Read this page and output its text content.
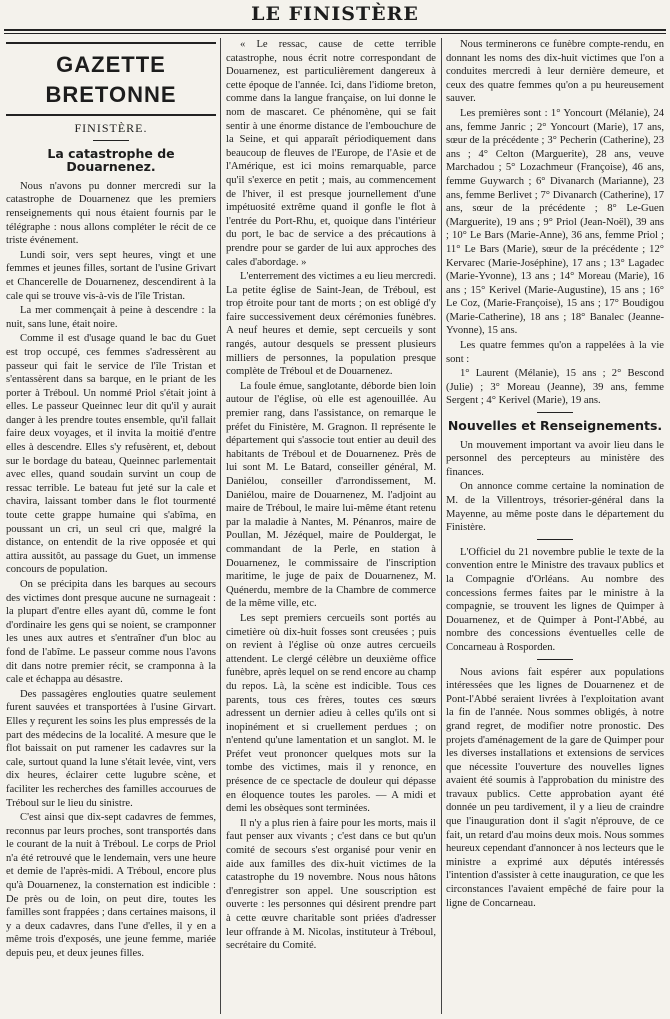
LE FINISTÈRE
GAZETTE BRETONNE
FINISTÈRE.
La catastrophe de Douarnenez.

Nous n'avons pu donner mercredi sur la catastrophe de Douarnenez que les premiers renseignements qui nous étaient fournis par le télégraphe : nous allons compléter le récit de ce triste événement.

Lundi soir, vers sept heures, vingt et une femmes et jeunes filles, sortant de l'usine Grivart et Chancerelle de Douarnenez, descendirent à la cale qui se trouve vis-à-vis de l'île Tristan.

La mer commençait à peine à descendre : la nuit, sans lune, était noire.

Comme il est d'usage quand le bac du Guet est trop occupé, ces femmes s'adressèrent au passeur qui fait le service de l'île Tristan et s'entassèrent dans sa barque, en le priant de les porter à Tréboul. Un nommé Priol s'était joint à elles. Le passeur Queinnec leur dit qu'il y aurait danger à les prendre toutes ensemble, qu'il fallait faire deux voyages, et il invita la moitié d'entre elles à descendre. Elles s'y refusèrent, et, debout sur le bordage du bateau, Queinnec parlementait avec elles, quand soudain survint un coup de ressac terrible. Le bateau fut jeté sur la cale et chavira, laissant tomber dans le flot tourmenté toute cette grappe humaine qui s'abîma, en poussant un cri, un seul cri que, malgré la distance, on entendit de la rive opposée et qui attira aussitôt, au passage du Guet, un immense concours de population.

On se précipita dans les barques au secours des victimes dont presque aucune ne surnageait : la plupart d'entre elles ayant dû, comme le font d'ordinaire les gens qui se noient, se cramponner les unes aux autres et s'entraîner d'un bloc au fond de l'abîme. Le passeur comme nous l'avons dit dans notre premier récit, se cramponna à la cale et échappa au désastre.

Des passagères englouties quatre seulement furent sauvées et transportées à l'usine Girvart. Elles y reçurent les soins les plus empressés de la part des médecins de la localité. A mesure que le flot baissait on put ramener les cadavres sur la cale, surtout quand la lune s'était levée, vint, vers dix heures, éclairer cette lugubre scène, et faciliter les recherches des familles accourues de Tréboul sur le lieu du sinistre.

C'est ainsi que dix-sept cadavres de femmes, reconnus par leurs proches, sont transportés dans le courant de la nuit à Tréboul. Le corps de Priol n'a été retrouvé que le lendemain, vers une heure et demie de l'après-midi. A Tréboul, encore plus qu'à Douarnenez, la consternation est indicible : De près ou de loin, on peut dire, toutes les familles sont frappées ; dans certaines maisons, il y a deux cadavres, dans l'une d'elles, il y en a même trois d'exposés, une jeune femme, mariée depuis peu, et deux jeunes filles.

« Le ressac, cause de cette terrible catastrophe, nous écrit notre correspondant de Douarnenez, est particulièrement dangereux à cette époque de l'année. Ici, dans l'idiome breton, comme dans la langue française, on lui donne le nom de mascaret. Ce phénomène, qui se fait sentir à une énorme distance de l'embouchure de la Seine, et qui apparaît périodiquement dans beaucoup de fleuves de l'Europe, de l'Asie et de l'Amérique, est ici moins remarquable, parce qu'il s'exerce en petit ; mais, au commencement de l'hiver, il est presque journellement d'une impétuosité extrême quand il gonfle le flot à l'entrée du Port-Rhu, et, quoique dans l'intérieur du port, le bac de service a des précautions à prendre pour se garder de lui aux approches des cales d'abordage. »

L'enterrement des victimes a eu lieu mercredi. La petite église de Saint-Jean, de Tréboul, est trop étroite pour tant de morts ; on est obligé d'y faire successivement deux cérémonies funèbres. A neuf heures et demie, sept cercueils y sont rangés, autour desquels se pressent plusieurs milliers de personnes, la population presque complète de Tréboul et de Douarnenez.

La foule émue, sanglotante, déborde bien loin autour de l'église, où elle est agenouillée. Au premier rang, dans l'assistance, on remarque le préfet du Finistère, M. Gragnon. Il représente le département qui s'associe tout entier au deuil des habitants de Tréboul et de Douarnenez. Près de lui sont M. Le Batard, conseiller général, M. Daniélou, conseiller d'arrondissement, M. Daniélou, maire de Douarnenez, M. l'adjoint au maire de Tréboul, le maire lui-même étant retenu par la maladie à Nantes, M. Pénanros, maire de Poullan, M. Jézéquel, maire de Pouldergat, le commandant de la Perle, en station à Douarnenez, le commissaire de l'inscription maritime, le juge de paix de Douarnenez, M. Quénerdu, membre de la Chambre de commerce de la même ville, etc.

Les sept premiers cercueils sont portés au cimetière où dix-huit fosses sont creusées ; puis on revient à l'église où onze autres cercueils attendent. Le clergé célèbre un deuxième office funèbre, après lequel on se rend encore au champ du repos. Là, la scène est indicible. Tous ces parents, tous ces frères, toutes ces sœurs adressent un dernier adieu à celles qu'ils ont si inopinément et si cruellement perdues ; on n'entend qu'une lamentation et un sanglot. M. le Préfet veut prononcer quelques mots sur la tombe des victimes, mais il y renonce, en présence de ce spectacle de douleur qui dépasse en éloquence toutes les paroles. — A midi et demi les obsèques sont terminées.

Il n'y a plus rien à faire pour les morts, mais il faut penser aux vivants ; c'est dans ce but qu'un comité de secours s'est organisé pour venir en aide aux familles des dix-huit victimes de la catastrophe du 19 novembre. Nous nous hâtons d'enregistrer son appel. Une souscription est ouverte : les personnes qui désirent prendre part à cette œuvre charitable sont priées d'adresser leur offrande à M. Nicolas, instituteur à Tréboul, secrétaire du Comité.

Nous terminerons ce funèbre compte-rendu, en donnant les noms des dix-huit victimes que l'on a conduites mercredi à leur dernière demeure, et ceux des quatre femmes qu'on a pu heureusement sauver.

Les premières sont : 1° Yoncourt (Mélanie), 24 ans, femme Janric ; 2° Yoncourt (Marie), 17 ans, sœur de la précédente ; 3° Pecherin (Catherine), 23 ans ; 4° Celton (Marguerite), 28 ans, veuve Marchadou ; 5° Lozachmeur (Françoise), 46 ans, femme Guywarch ; 6° Divanarch (Marianne), 23 ans, femme Berlivet ; 7° Divanarch (Catherine), 17 ans, sœur de la précédente ; 8° Le-Guen (Marguerite), 19 ans ; 9° Priol (Jean-Noël), 39 ans ; 10° Le Bars (Marie-Anne), 36 ans, femme Priol ; 11° Le Bars (Marie), sœur de la précédente ; 12° Kervarec (Marie-Joséphine), 17 ans ; 13° Lagadec (Marie-Yvonne), 13 ans ; 14° Moreau (Marie), 16 ans ; 15° Kerivel (Marie-Augustine), 15 ans ; 16° Le Coz, (Marie-Françoise), 15 ans ; 17° Boudigou (Marie-Catherine), 18 ans ; 18° Banalec (Jeanne-Yvonne), 15 ans.

Les quatre femmes qu'on a rappelées à la vie sont :

1° Laurent (Mélanie), 15 ans ; 2° Bescond (Julie) ; 3° Moreau (Jeanne), 39 ans, femme Sergent ; 4° Kerivel (Marie), 19 ans.

Nouvelles et Renseignements.

Un mouvement important va avoir lieu dans le personnel des percepteurs au ministère des finances.

On annonce comme certaine la nomination de M. de la Villentroys, trésorier-général dans la Mayenne, au même poste dans le département du Finistère.

L'Officiel du 21 novembre publie le texte de la convention entre le Ministre des travaux publics et la Compagnie d'Orléans. Au nombre des concessions fermes faites par le ministre à la compagnie, se trouvent les lignes de Quimper à Douarnenez, et de Quimper à Pont-l'Abbé, au nombre des concessions éventuelles celle de Concarneau à Rosporden.

Nous avions fait espérer aux populations intéressées que les lignes de Douarnenez et de Pont-l'Abbé seraient livrées à l'exploitation avant la fin de l'année. Nous sommes obligés, à notre grand regret, de modifier notre pronostic. Des projets d'aménagement de la gare de Quimper pour les diverses installations et extensions de services que nécessite l'ouverture des nouvelles lignes avaient été soumis à l'approbation du ministre des travaux publics. Cette approbation ayant été donnée un peu tardivement, il y a lieu de craindre que l'inauguration dont il s'agit n'éprouve, de ce fait, un retard d'au moins deux mois. Nous sommes heureux cependant d'annoncer à nos lecteurs que le ministre a exprimé aux députés intéressés l'intention d'assister à cette inauguration, ce que les circonstances l'avaient empêché de faire pour la ligne de Concarneau.
